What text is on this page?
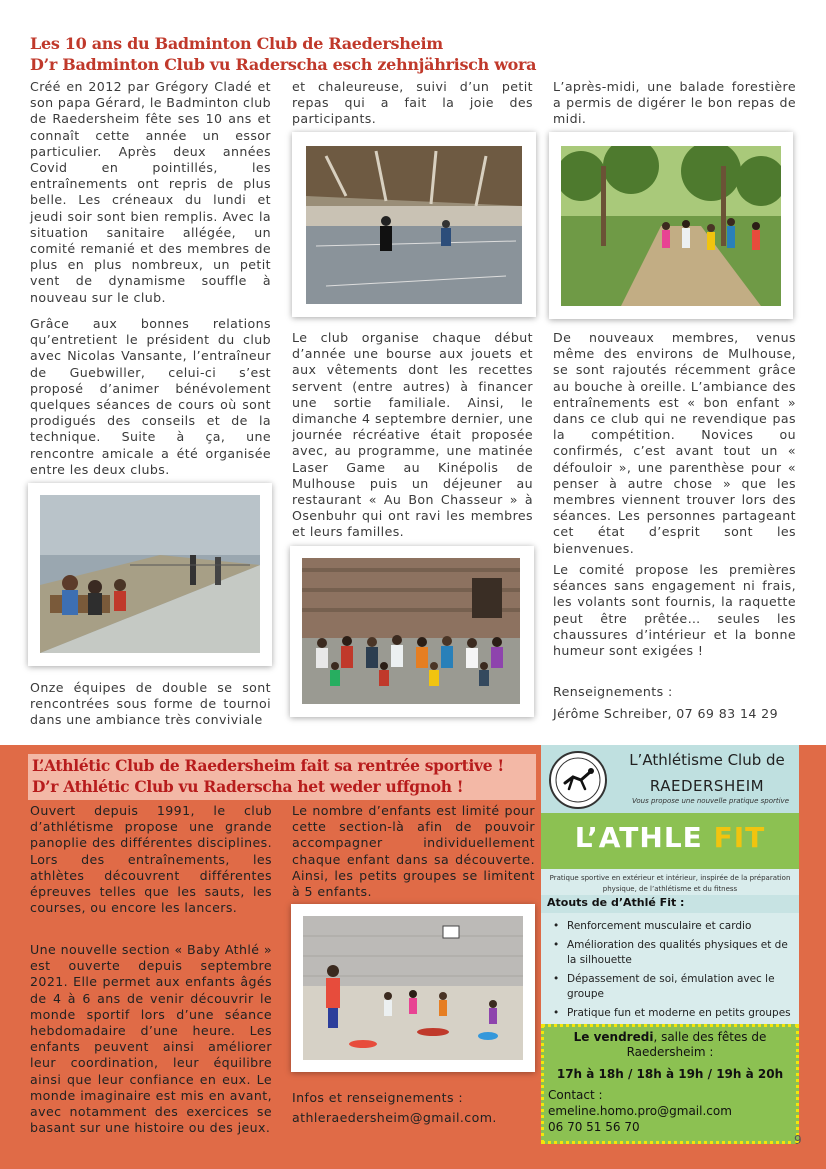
Les 10 ans du Badminton Club de Raedersheim
D’r Badminton Club vu Raderscha esch zehnjährisch wora

Créé en 2012 par Grégory Cladé et son papa Gérard, le Badminton club de Raedersheim fête ses 10 ans et connaît cette année un essor particulier. Après deux années Covid en pointillés, les entraînements ont repris de plus belle. Les créneaux du lundi et jeudi soir sont bien remplis. Avec la situation sanitaire allégée, un comité remanié et des membres de plus en plus nombreux, un petit vent de dynamisme souffle à nouveau sur le club.

Grâce aux bonnes relations qu’entretient le président du club avec Nicolas Vansante, l’entraîneur de Guebwiller, celui-ci s’est proposé d’animer bénévolement quelques séances de cours où sont prodigués des conseils et de la technique. Suite à ça, une rencontre amicale a été organisée entre les deux clubs.

Onze équipes de double se sont rencontrées sous forme de tournoi dans une ambiance très conviviale

et chaleureuse, suivi d’un petit repas qui a fait la joie des participants.

Le club organise chaque début d’année une bourse aux jouets et aux vêtements dont les recettes servent (entre autres) à financer une sortie familiale. Ainsi, le dimanche 4 septembre dernier, une journée récréative était proposée avec, au programme, une matinée Laser Game au Kinépolis de Mulhouse puis un déjeuner au restaurant « Au Bon Chasseur » à Osenbuhr qui ont ravi les membres et leurs familles.

L’après-midi, une balade forestière a permis de digérer le bon repas de midi.

De nouveaux membres, venus même des environs de Mulhouse, se sont rajoutés récemment grâce au bouche à oreille. L’ambiance des entraînements est « bon enfant » dans ce club qui ne revendique pas la compétition. Novices ou confirmés, c’est avant tout un « défouloir », une parenthèse pour « penser à autre chose » que les membres viennent trouver lors des séances. Les personnes partageant cet état d’esprit sont les bienvenues.

Le comité propose les premières séances sans engagement ni frais, les volants sont fournis, la raquette peut être prêtée… seules les chaussures d’intérieur et la bonne humeur sont exigées !

Renseignements :

Jérôme Schreiber, 07 69 83 14 29

L’Athlétic Club de Raedersheim fait sa rentrée sportive !
D’r Athlétic Club vu Raderscha het weder uffgnoh !

Ouvert depuis 1991, le club d’athlétisme propose une grande panoplie des différentes disciplines. Lors des entraînements, les athlètes découvrent différentes épreuves telles que les sauts, les courses, ou encore les lancers.

Une nouvelle section « Baby Athlé » est ouverte depuis septembre 2021. Elle permet aux enfants âgés de 4 à 6 ans de venir découvrir le monde sportif lors d’une séance hebdomadaire d’une heure. Les enfants peuvent ainsi améliorer leur coordination, leur équilibre ainsi que leur confiance en eux. Le monde imaginaire est mis en avant, avec notamment des exercices se basant sur une histoire ou des jeux.

Le nombre d’enfants est limité pour cette section-là afin de pouvoir accompagner individuellement chaque enfant dans sa découverte. Ainsi, les petits groupes se limitent à 5 enfants.

Infos et renseignements :

athleraedersheim@gmail.com.

L’Athlétisme Club de
RAEDERSHEIM
Vous propose une nouvelle pratique sportive
L’ATHLE FIT
Pratique sportive en extérieur et intérieur, inspirée de la préparation physique, de l’athlétisme et du fitness
Atouts de d’Athlé Fit :
• Renforcement musculaire et cardio
• Amélioration des qualités physiques et de la silhouette
• Dépassement de soi, émulation avec le groupe
• Pratique fun et moderne en petits groupes
Le vendredi, salle des fêtes de Raedersheim :
17h à 18h / 18h à 19h / 19h à 20h
Contact :
emeline.homo.pro@gmail.com
06 70 51 56 70
9
